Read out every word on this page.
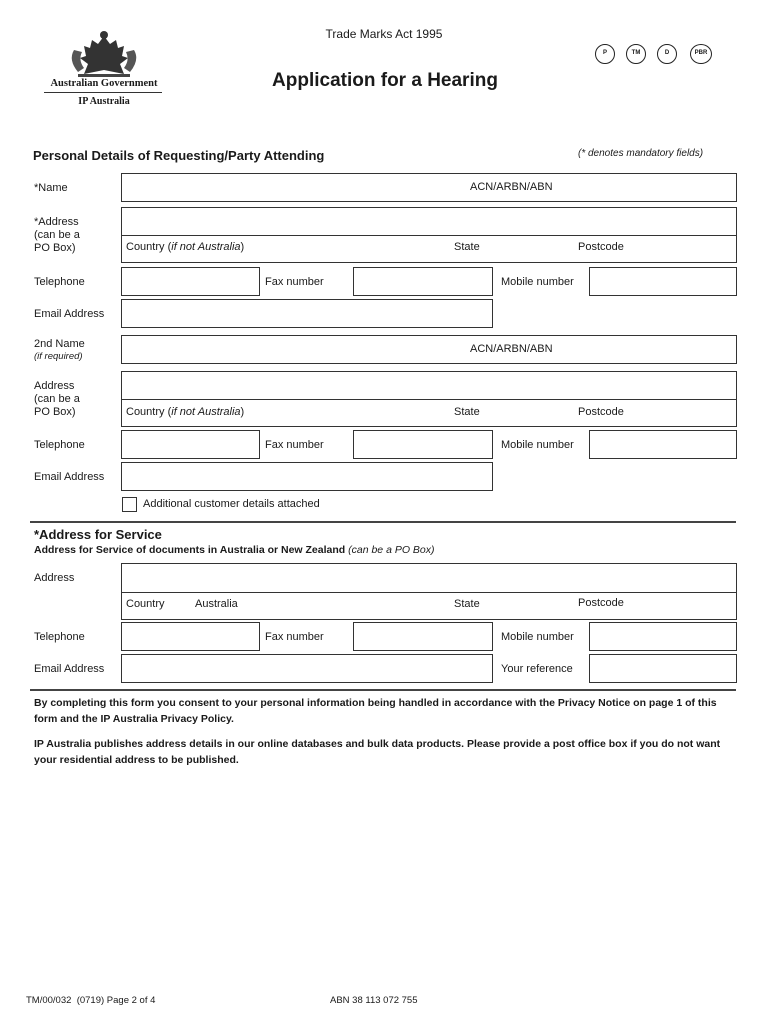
Australian Government
IP Australia
Trade Marks Act 1995
Application for a Hearing
P	TM	D	PBR
Personal Details of Requesting/Party Attending	(* denotes mandatory fields)
*Name	ACN/ARBN/ABN
*Address
(can be a
PO Box)	Country (if not Australia)	State	Postcode
Telephone	Fax number	Mobile number
Email Address
2nd Name
(if required)
ACN/ARBN/ABN
Address
(can be a
PO Box)	Country (if not Australia)	State	Postcode
Telephone	Fax number	Mobile number
Email Address
Additional customer details attached
*Address for Service
Address for Service of documents in Australia or New Zealand (can be a PO Box)
Address
Country	Australia	State	Postcode
Telephone	Fax number	Mobile number
Email Address	Your reference
By completing this form you consent to your personal information being handled in accordance with the Privacy Notice on page 1 of this form and the IP Australia Privacy Policy.
IP Australia publishes address details in our online databases and bulk data products. Please provide a post office box if you do not want your residential address to be published.
TM/00/032  (0719) Page 2 of 4	ABN 38 113 072 755
